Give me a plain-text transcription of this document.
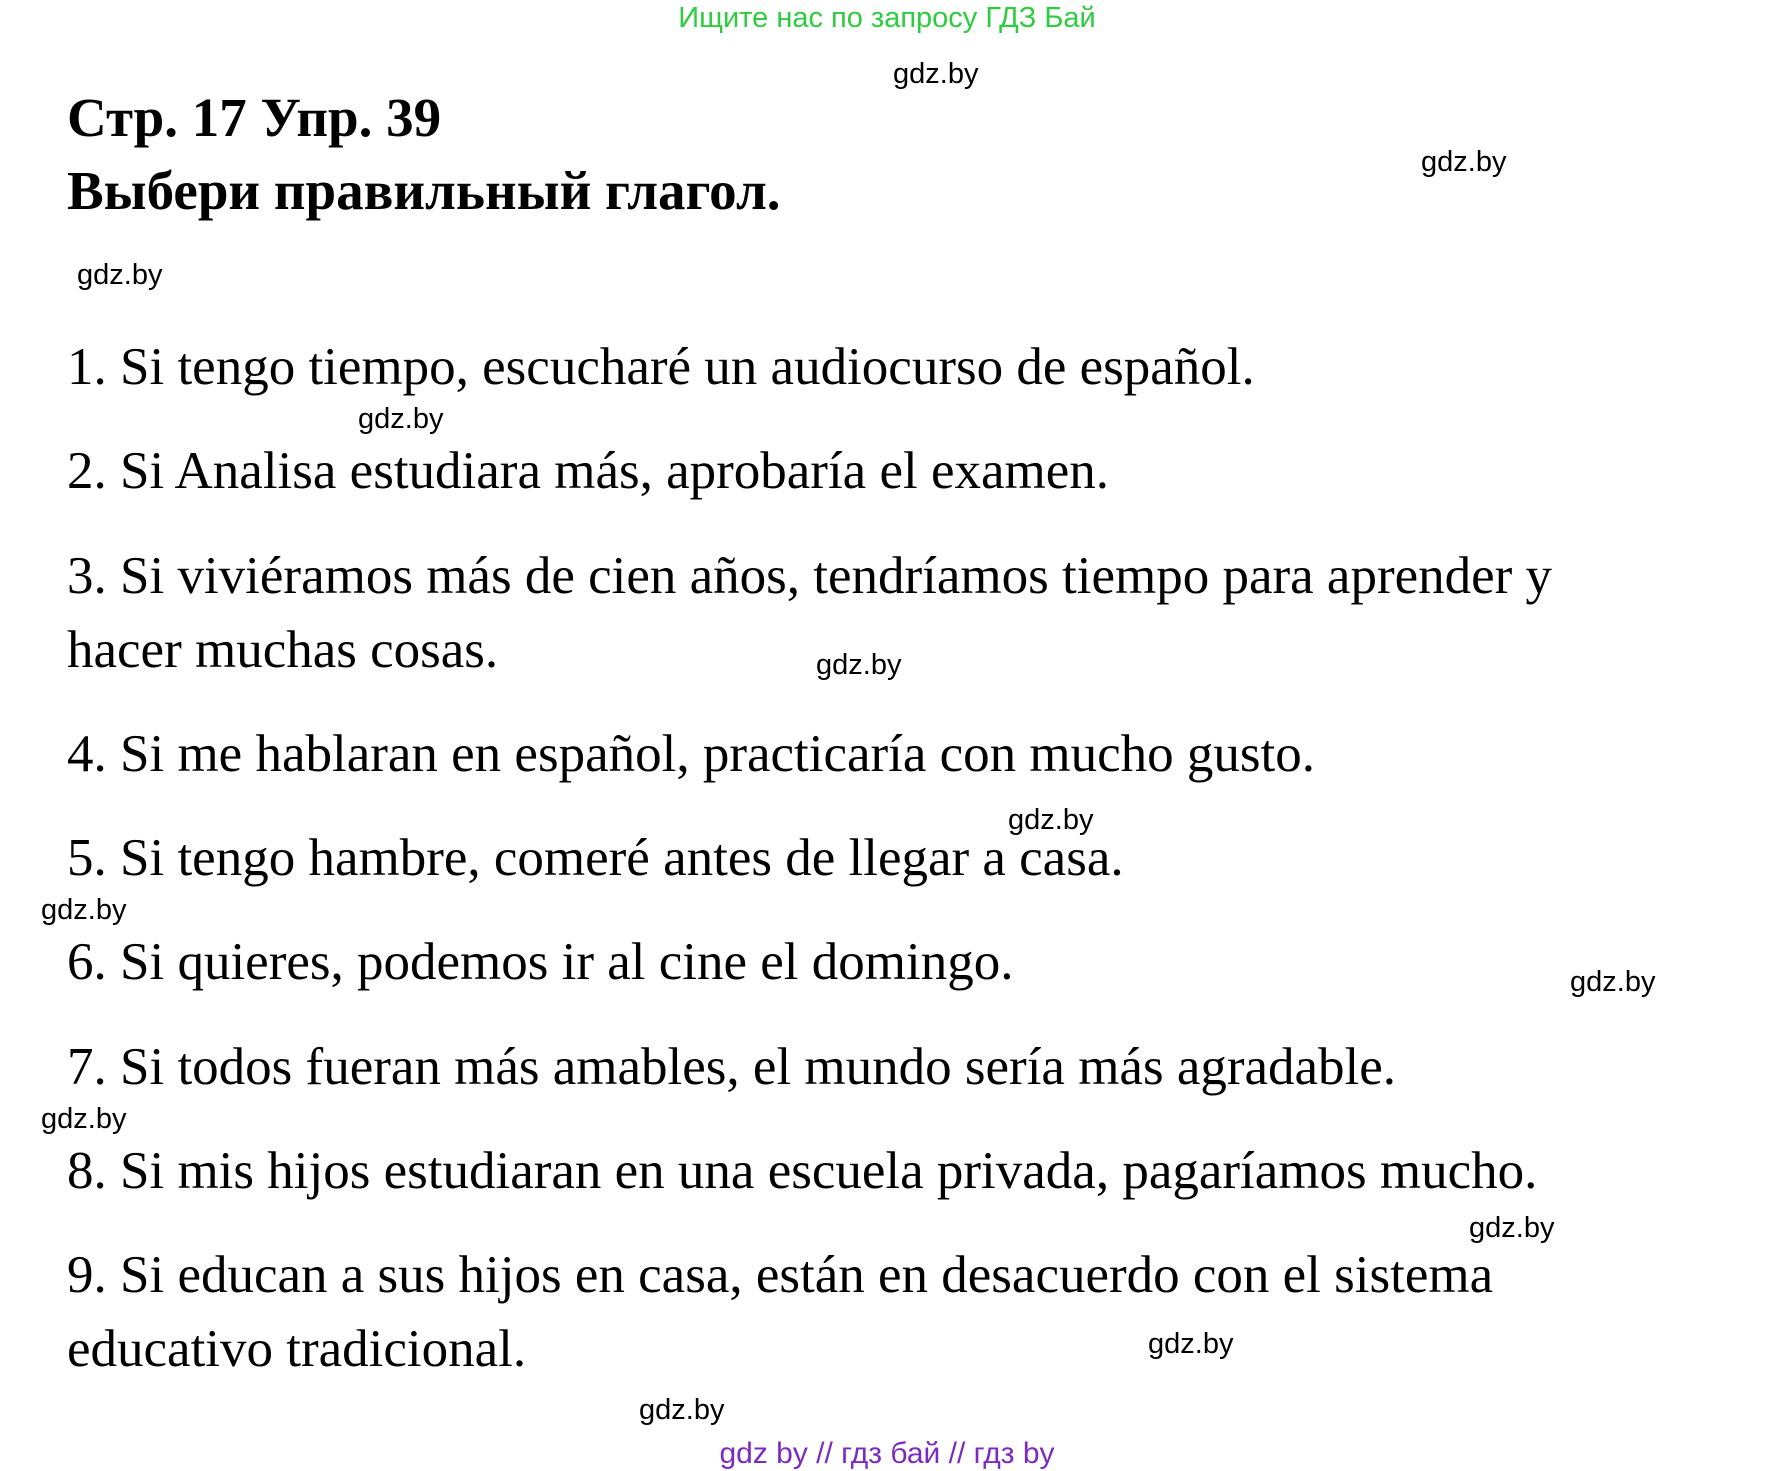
Ищите нас по запросу ГДЗ Бай
Стр. 17 Упр. 39
Выбери правильный глагол.

1. Si tengo tiempo, escucharé un audiocurso de español.

2. Si Analisa estudiara más, aprobaría el examen.

3. Si viviéramos más de cien años, tendríamos tiempo para aprender y

hacer muchas cosas.

4. Si me hablaran en español, practicaría con mucho gusto.

5. Si tengo hambre, comeré antes de llegar a casa.

6. Si quieres, podemos ir al cine el domingo.

7. Si todos fueran más amables, el mundo sería más agradable.

8. Si mis hijos estudiaran en una escuela privada, pagaríamos mucho.

9. Si educan a sus hijos en casa, están en desacuerdo con el sistema

educativo tradicional.

gdz.by
gdz.by
gdz.by
gdz.by
gdz.by
gdz.by
gdz.by
gdz.by
gdz.by
gdz.by
gdz.by
gdz.by
gdz by // гдз бай // гдз by
